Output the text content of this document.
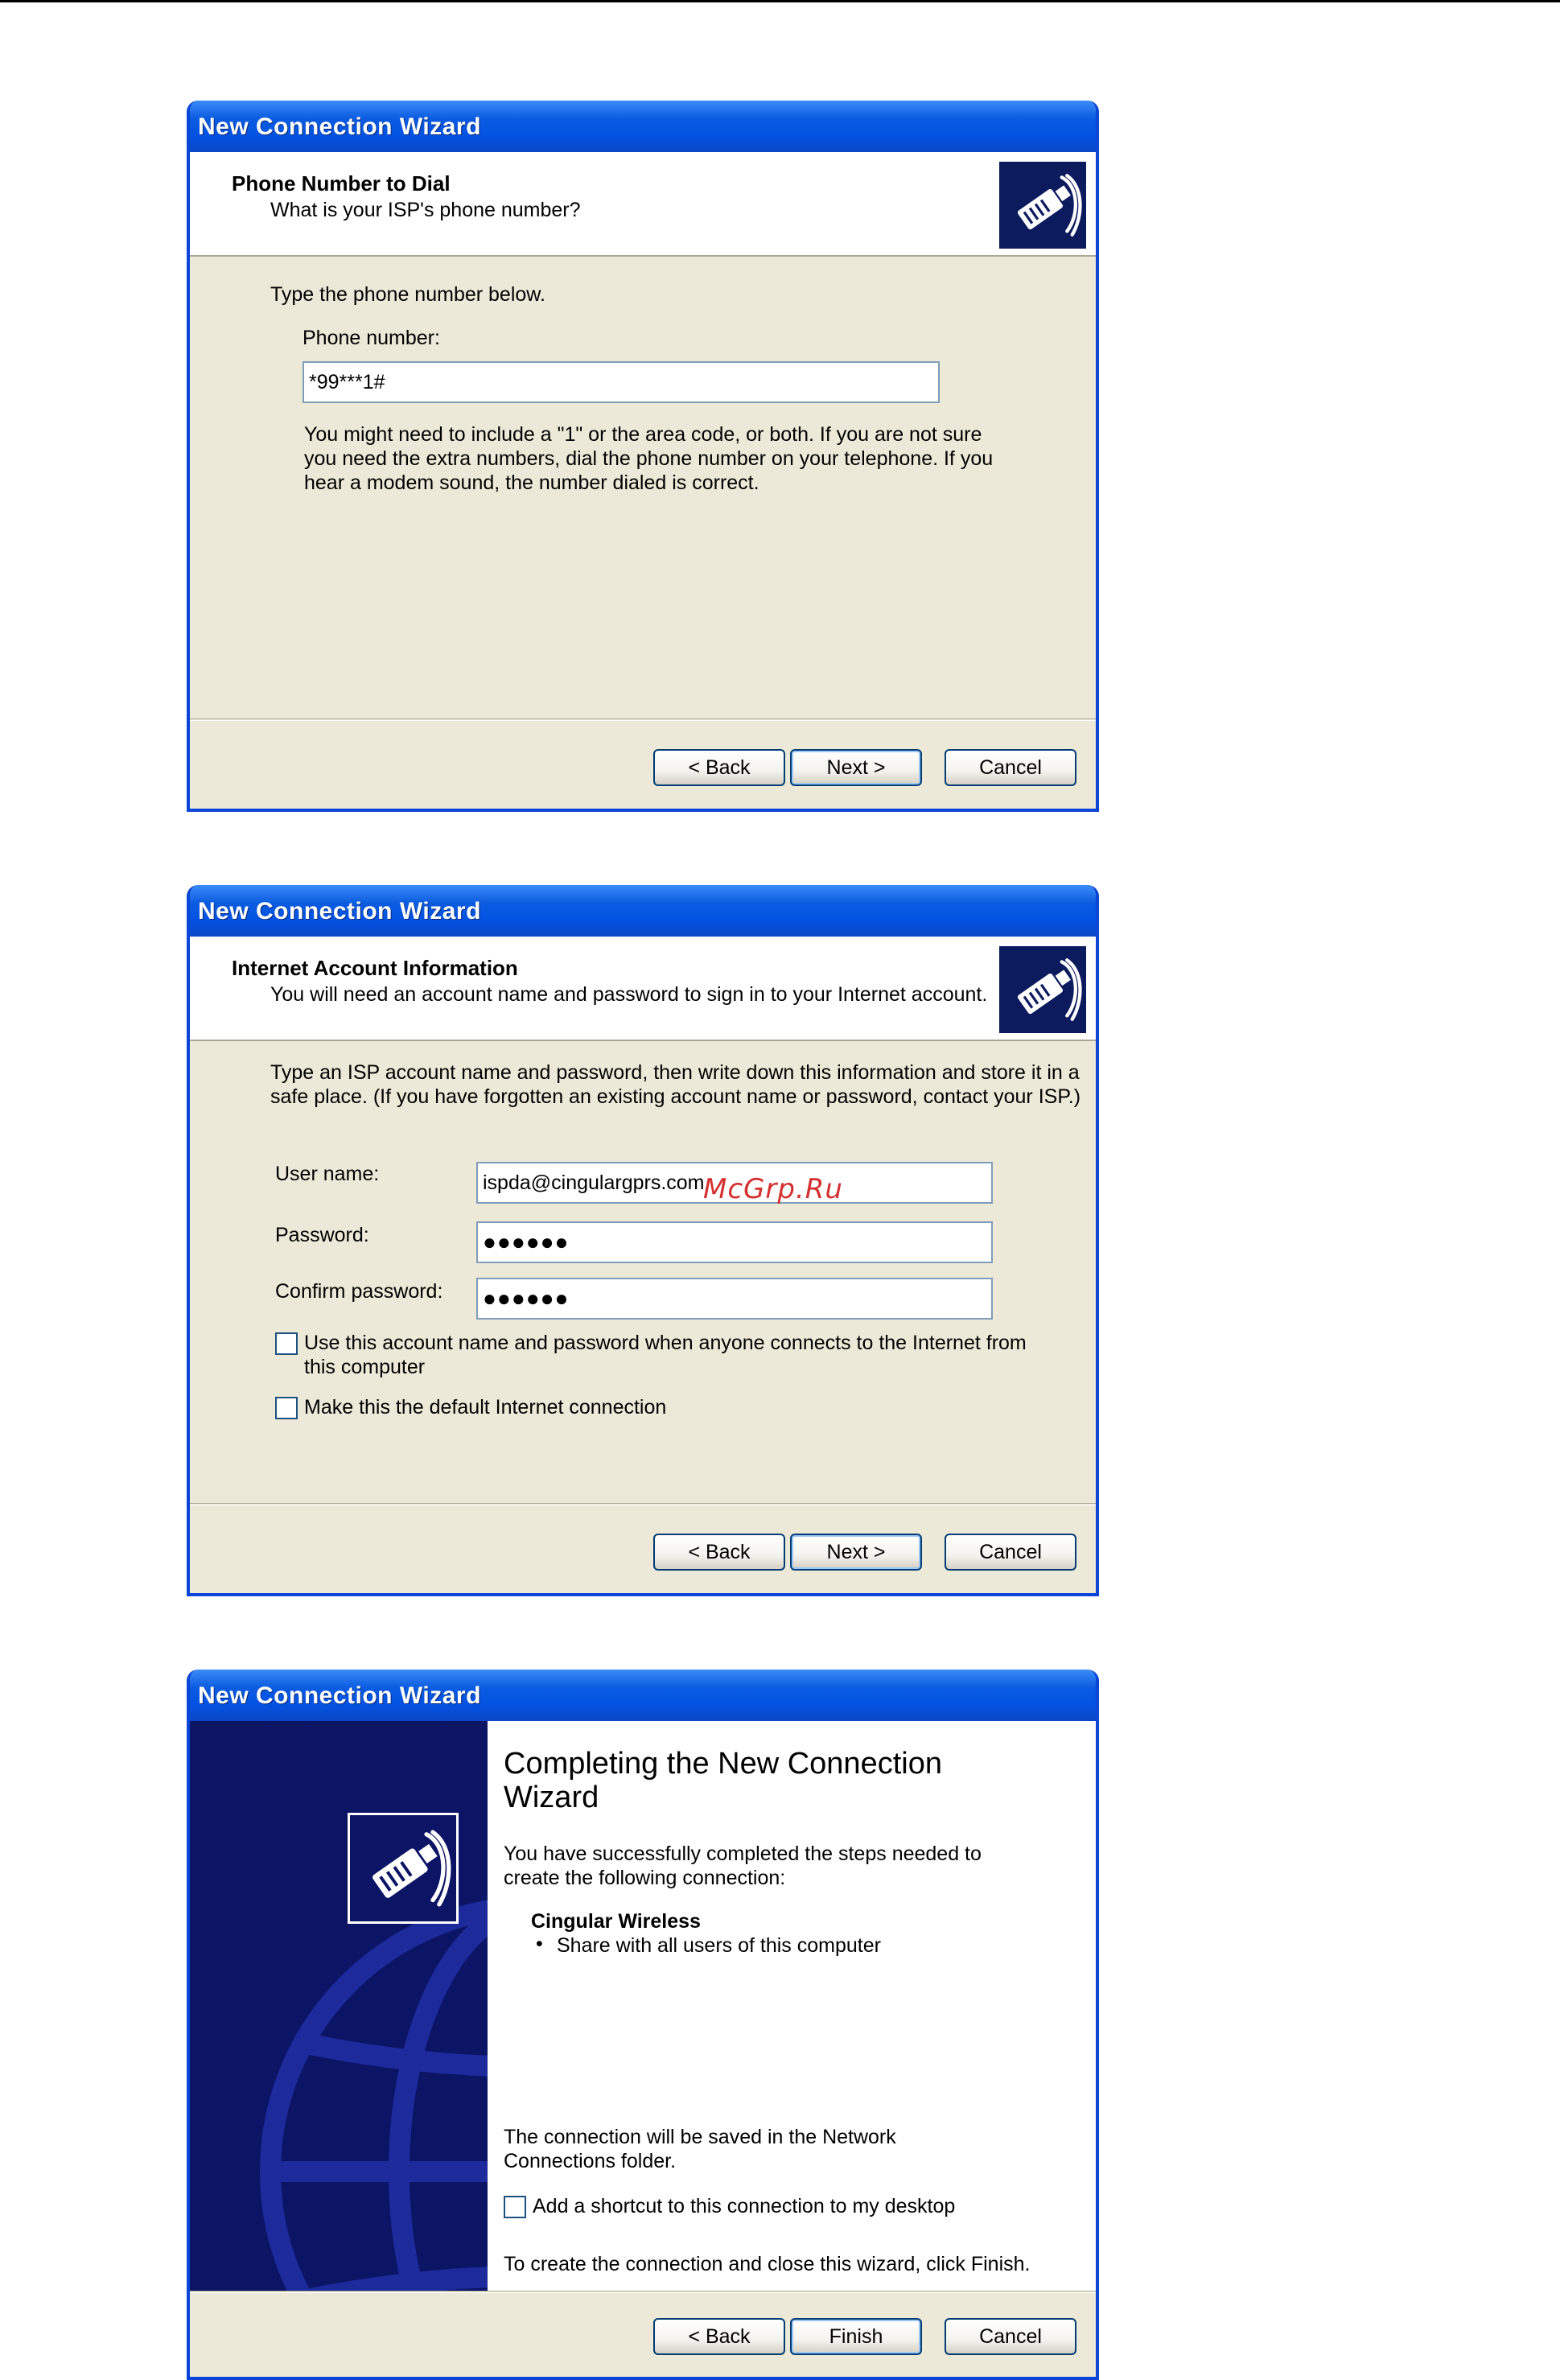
New Connection Wizard
Phone Number to Dial
What is your ISP's phone number?
Type the phone number below.
Phone number:
*99***1#
You might need to include a "1" or the area code, or both. If you are not sure
you need the extra numbers, dial the phone number on your telephone. If you
hear a modem sound, the number dialed is correct.
< Back	Next >	Cancel
New Connection Wizard
Internet Account Information
You will need an account name and password to sign in to your Internet account.
Type an ISP account name and password, then write down this information and store it in a
safe place. (If you have forgotten an existing account name or password, contact your ISP.)
User name:	ispda@cingulargprs.com
Password:	●●●●●●
Confirm password: ●●●●●●
Use this account name and password when anyone connects to the Internet from
this computer
Make this the default Internet connection
< Back	Next >	Cancel
New Connection Wizard
Completing the New Connection
Wizard
You have successfully completed the steps needed to
create the following connection:
Cingular Wireless
• Share with all users of this computer
The connection will be saved in the Network
Connections folder.
Add a shortcut to this connection to my desktop
To create the connection and close this wizard, click Finish.
< Back	Finish	Cancel
McGrp.Ru
